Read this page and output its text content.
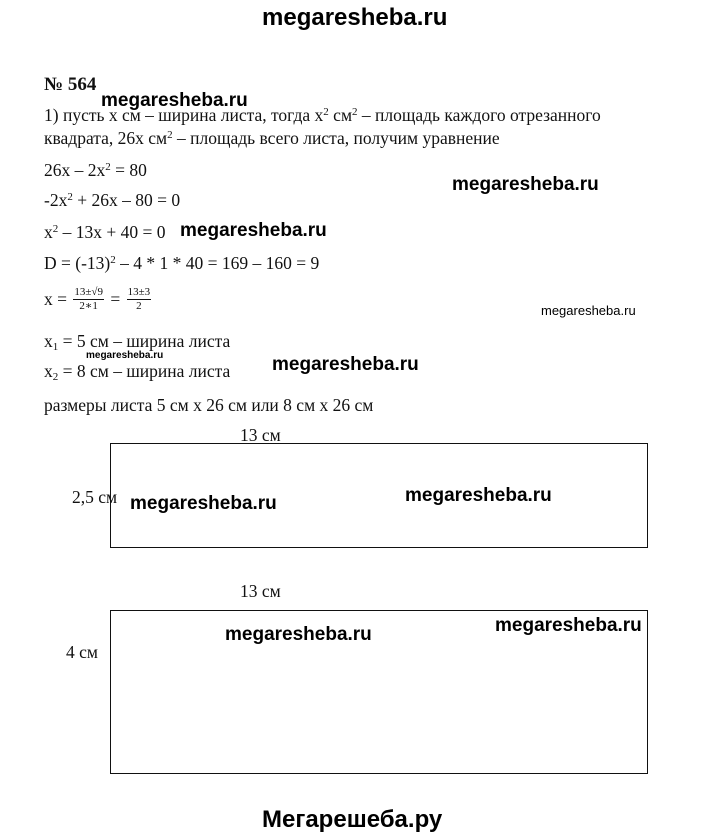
megaresheba.ru
№ 564
1) пусть х см – ширина листа, тогда $х^2$ $см^2$ – площадь каждого отрезанного
квадрата, 26х $см^2$ – площадь всего листа, получим уравнение
$26х - 2х^2 = 80$
$-2х^2 + 26х - 80 = 0$
$х^2 - 13х + 40 = 0$
$D = (-13)^2 - 4 * 1 * 40 = 169 - 160 = 9$
$х = \frac{13\pm√9}{2∗1} = \frac{13\pm 3}{2}$
$х_1 = 5$ см – ширина листа
$х_2 = 8$ см – ширина листа
размеры листа 5 см х 26 см или 8 см х 26 см
13 см
2,5 см
13 см
4 см
megaresheba.ru
megaresheba.ru
megaresheba.ru
megaresheba.ru
megaresheba.ru	megaresheba.ru
megaresheba.ru	megaresheba.ru
megaresheba.ru	megaresheba.ru
Мегарешеба.ру
